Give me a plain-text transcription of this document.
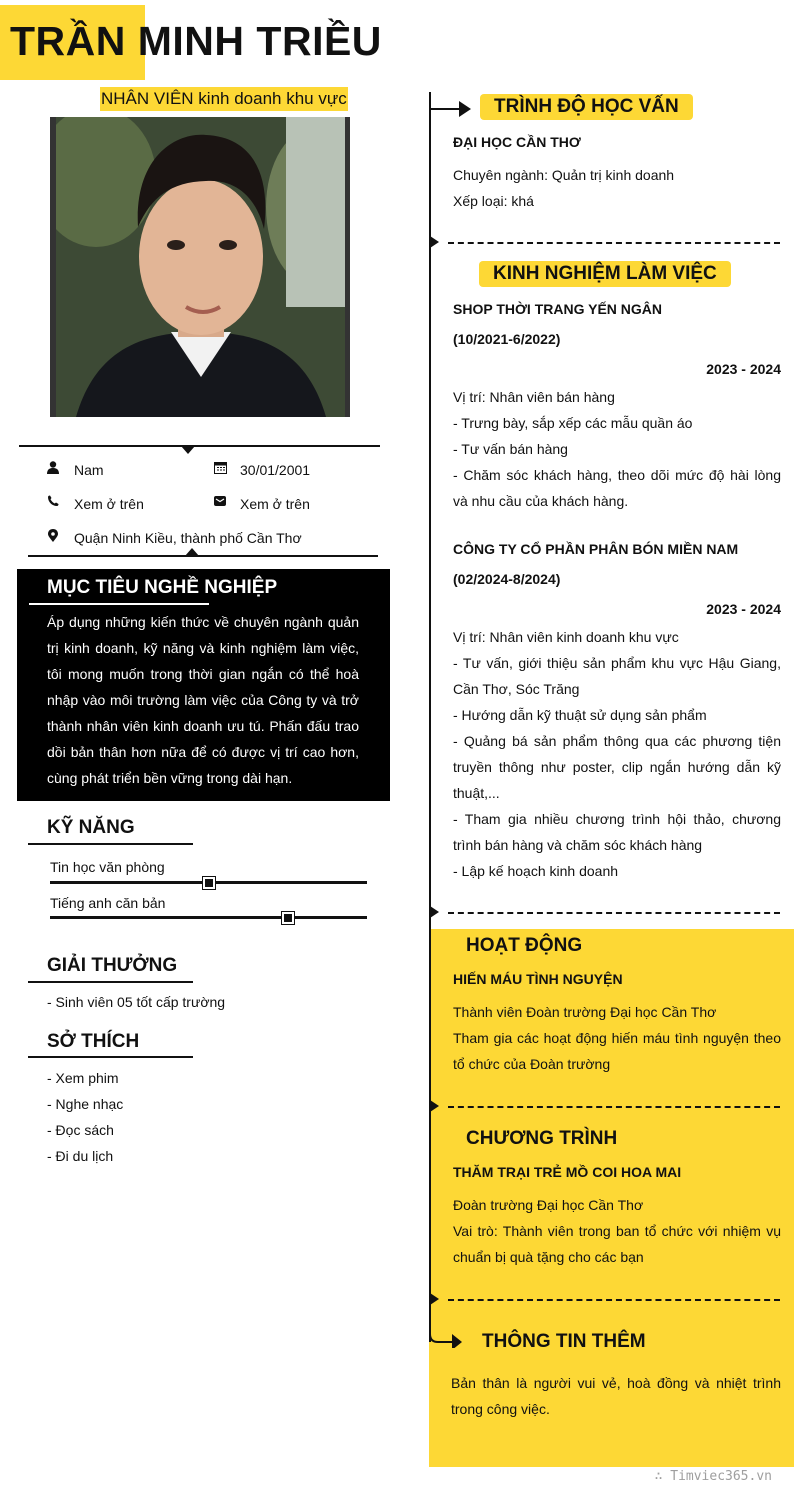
TRẦN MINH TRIỀU
NHÂN VIÊN kinh doanh khu vực
Nam	30/01/2001
Xem ở trên	Xem ở trên
Quận Ninh Kiều, thành phố Cần Thơ
MỤC TIÊU NGHỀ NGHIỆP
Áp dụng những kiến thức về chuyên ngành quản trị kinh doanh, kỹ năng và kinh nghiệm làm việc, tôi mong muốn trong thời gian ngắn có thể hoà nhập vào môi trường làm việc của Công ty và trở thành nhân viên kinh doanh ưu tú. Phấn đấu trao dồi bản thân hơn nữa để có được vị trí cao hơn, cùng phát triển bền vững trong dài hạn.
KỸ NĂNG
Tin học văn phòng
Tiếng anh căn bản
GIẢI THƯỞNG
- Sinh viên 05 tốt cấp trường
SỞ THÍCH
- Xem phim
- Nghe nhạc
- Đọc sách
- Đi du lịch
TRÌNH ĐỘ HỌC VẤN
ĐẠI HỌC CẦN THƠ
Chuyên ngành: Quản trị kinh doanh
Xếp loại: khá
KINH NGHIỆM LÀM VIỆC
SHOP THỜI TRANG YẾN NGÂN
(10/2021-6/2022)
2023 - 2024
Vị trí: Nhân viên bán hàng
- Trưng bày, sắp xếp các mẫu quần áo
- Tư vấn bán hàng
- Chăm sóc khách hàng, theo dõi mức độ hài lòng và nhu cầu của khách hàng.
CÔNG TY CỔ PHẦN PHÂN BÓN MIỀN NAM
(02/2024-8/2024)
2023 - 2024
Vị trí: Nhân viên kinh doanh khu vực
- Tư vấn, giới thiệu sản phẩm khu vực Hậu Giang, Cần Thơ, Sóc Trăng
- Hướng dẫn kỹ thuật sử dụng sản phẩm
- Quảng bá sản phẩm thông qua các phương tiện truyền thông như poster, clip ngắn hướng dẫn kỹ thuật,...
- Tham gia nhiều chương trình hội thảo, chương trình bán hàng và chăm sóc khách hàng
- Lập kế hoạch kinh doanh
HOẠT ĐỘNG
HIẾN MÁU TÌNH NGUYỆN
Thành viên Đoàn trường Đại học Cần Thơ
Tham gia các hoạt động hiến máu tình nguyện theo tổ chức của Đoàn trường
CHƯƠNG TRÌNH
THĂM TRẠI TRẺ MỒ COI HOA MAI
Đoàn trường Đại học Cần Thơ
Vai trò: Thành viên trong ban tổ chức với nhiệm vụ chuẩn bị quà tặng cho các bạn
THÔNG TIN THÊM
Bản thân là người vui vẻ, hoà đồng và nhiệt trình trong công việc.
∴ Timviec365.vn
